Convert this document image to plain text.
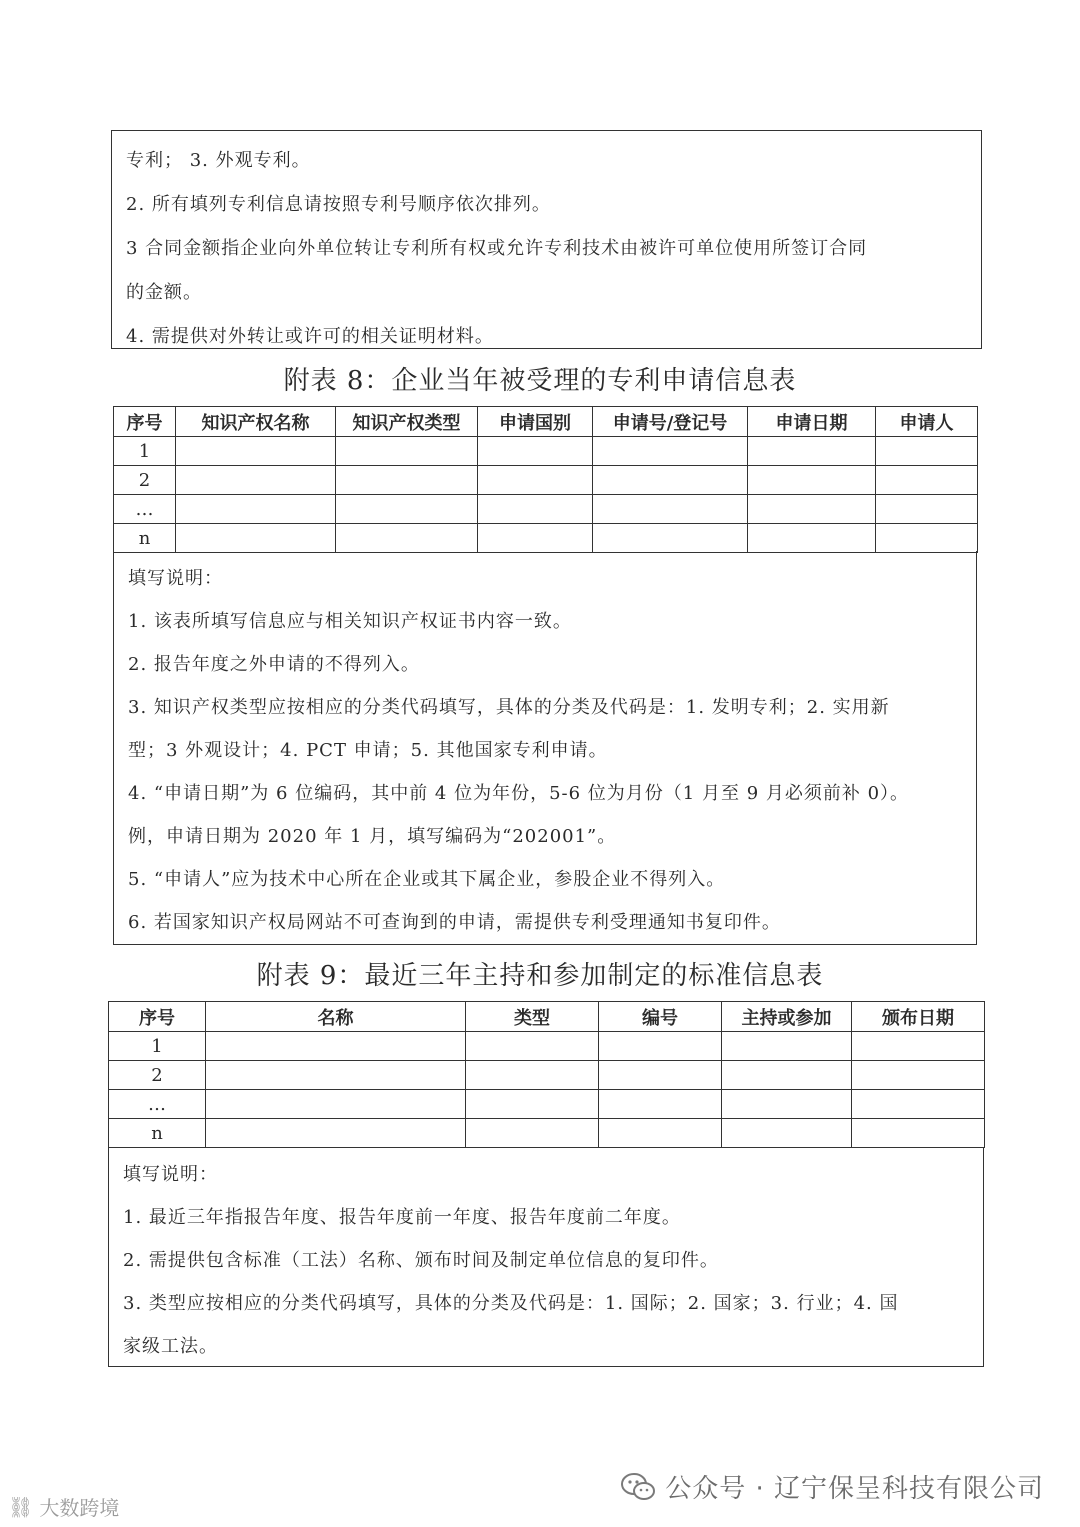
专利； 3. 外观专利。

2. 所有填列专利信息请按照专利号顺序依次排列。

3 合同金额指企业向外单位转让专利所有权或允许专利技术由被许可单位使用所签订合同

的金额。

4. 需提供对外转让或许可的相关证明材料。

附表 8：企业当年被受理的专利申请信息表
序号	知识产权名称	知识产权类型	申请国别	申请号/登记号	申请日期	申请人
1						
2						
…						
n						

填写说明：

1. 该表所填写信息应与相关知识产权证书内容一致。

2. 报告年度之外申请的不得列入。

3. 知识产权类型应按相应的分类代码填写，具体的分类及代码是：1. 发明专利；2. 实用新

型；3 外观设计；4. PCT 申请；5. 其他国家专利申请。

4. “申请日期”为 6 位编码，其中前 4 位为年份，5-6 位为月份（1 月至 9 月必须前补 0）。

例，申请日期为 2020 年 1 月，填写编码为“202001”。

5. “申请人”应为技术中心所在企业或其下属企业，参股企业不得列入。

6. 若国家知识产权局网站不可查询到的申请，需提供专利受理通知书复印件。

附表 9：最近三年主持和参加制定的标准信息表
序号	名称	类型	编号	主持或参加	颁布日期
1					
2					
…					
n					

填写说明：

1. 最近三年指报告年度、报告年度前一年度、报告年度前二年度。

2. 需提供包含标准（工法）名称、颁布时间及制定单位信息的复印件。

3. 类型应按相应的分类代码填写，具体的分类及代码是：1. 国际；2. 国家；3. 行业；4. 国

家级工法。

公众号 · 辽宁保呈科技有限公司
⛓ 大数跨境
